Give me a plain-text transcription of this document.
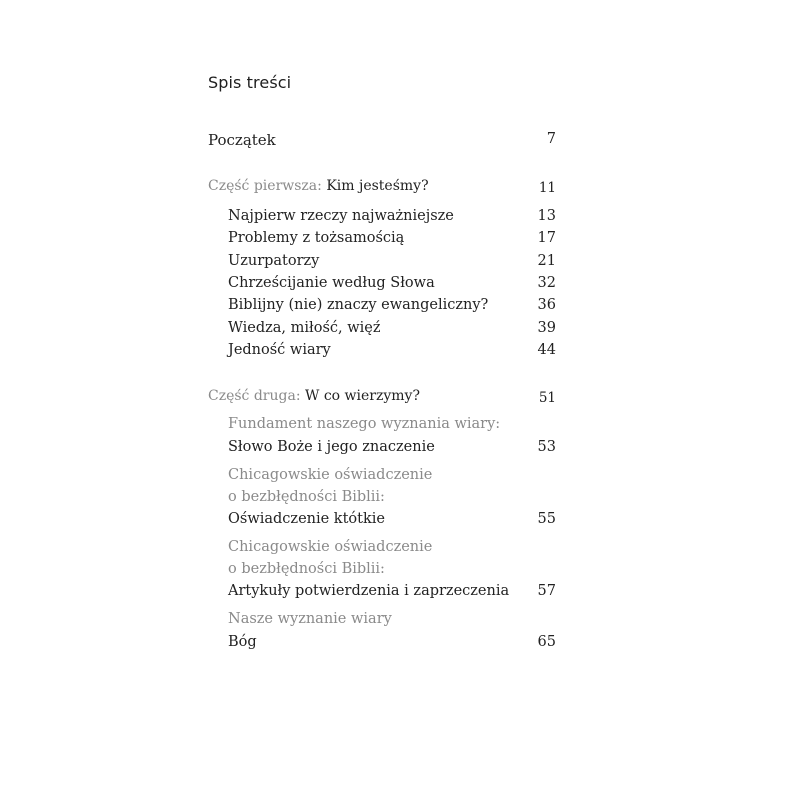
Spis treści
Początek	7
Część pierwsza: Kim jesteśmy?	11
Najpierw rzeczy najważniejsze	13
Problemy z tożsamością	17
Uzurpatorzy	21
Chrześcijanie według Słowa	32
Biblijny (nie) znaczy ewangeliczny?	36
Wiedza, miłość, więź	39
Jedność wiary	44
Część druga: W co wierzymy?	51
Fundament naszego wyznania wiary:
Słowo Boże i jego znaczenie	53
Chicagowskie oświadczenie
o bezbłędności Biblii:
Oświadczenie któtkie	55
Chicagowskie oświadczenie
o bezbłędności Biblii:
Artykuły potwierdzenia i zaprzeczenia 57
Nasze wyznanie wiary
Bóg	65
